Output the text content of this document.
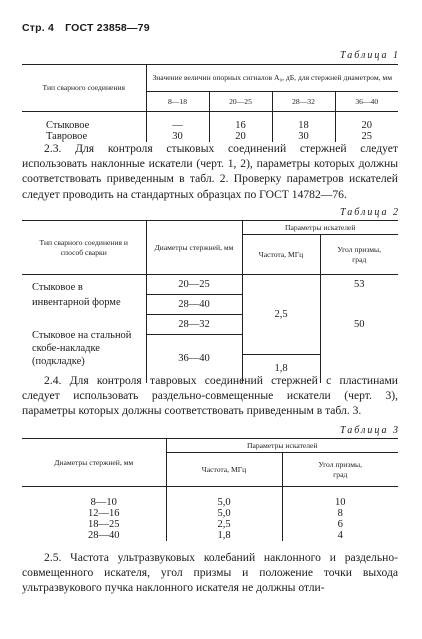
Стр. 4 ГОСТ 23858—79
Таблица 1
Тип сварного соединения	Значение величин опорных сигналов A₀, дБ, для стержней диаметром, мм			
	8—18	20—25	28—32	36—40

Стыковое	—	16	18	20
Тавровое	30	20	30	25

2.3. Для контроля стыковых соединений стержней следует использовать наклонные искатели (черт. 1, 2), параметры которых должны соответствовать приведенным в табл. 2. Проверку параметров искателей следует проводить на стандартных образцах по ГОСТ 14782—76.

Таблица 2
Тип сварного соединения и способ сварки	Диаметры стержней, мм	Параметры искателей	
		Частота, МГц	Угол призмы, град
Стыковое в инвентарной форме	20—25	2,5	53
	28—40		50
Стыковое на стальной скобе-накладке (подкладке)	28—32		
	36—40		
		1,8	

2.4. Для контроля тавровых соединений стержней с пластинами следует использовать раздельно-совмещенные искатели (черт. 3), параметры которых должны соответствовать приведенным в табл. 3.

Таблица 3
Диаметры стержней, мм	Параметры искателей	
	Частота, МГц	Угол призмы, град

8—10	5,0	10
12—16	5,0	8
18—25	2,5	6
28—40	1,8	4

2.5. Частота ультразвуковых колебаний наклонного и раздельно-совмещенного искателя, угол призмы и положение точки выхода ультразвукового пучка наклонного искателя не должны отли-
